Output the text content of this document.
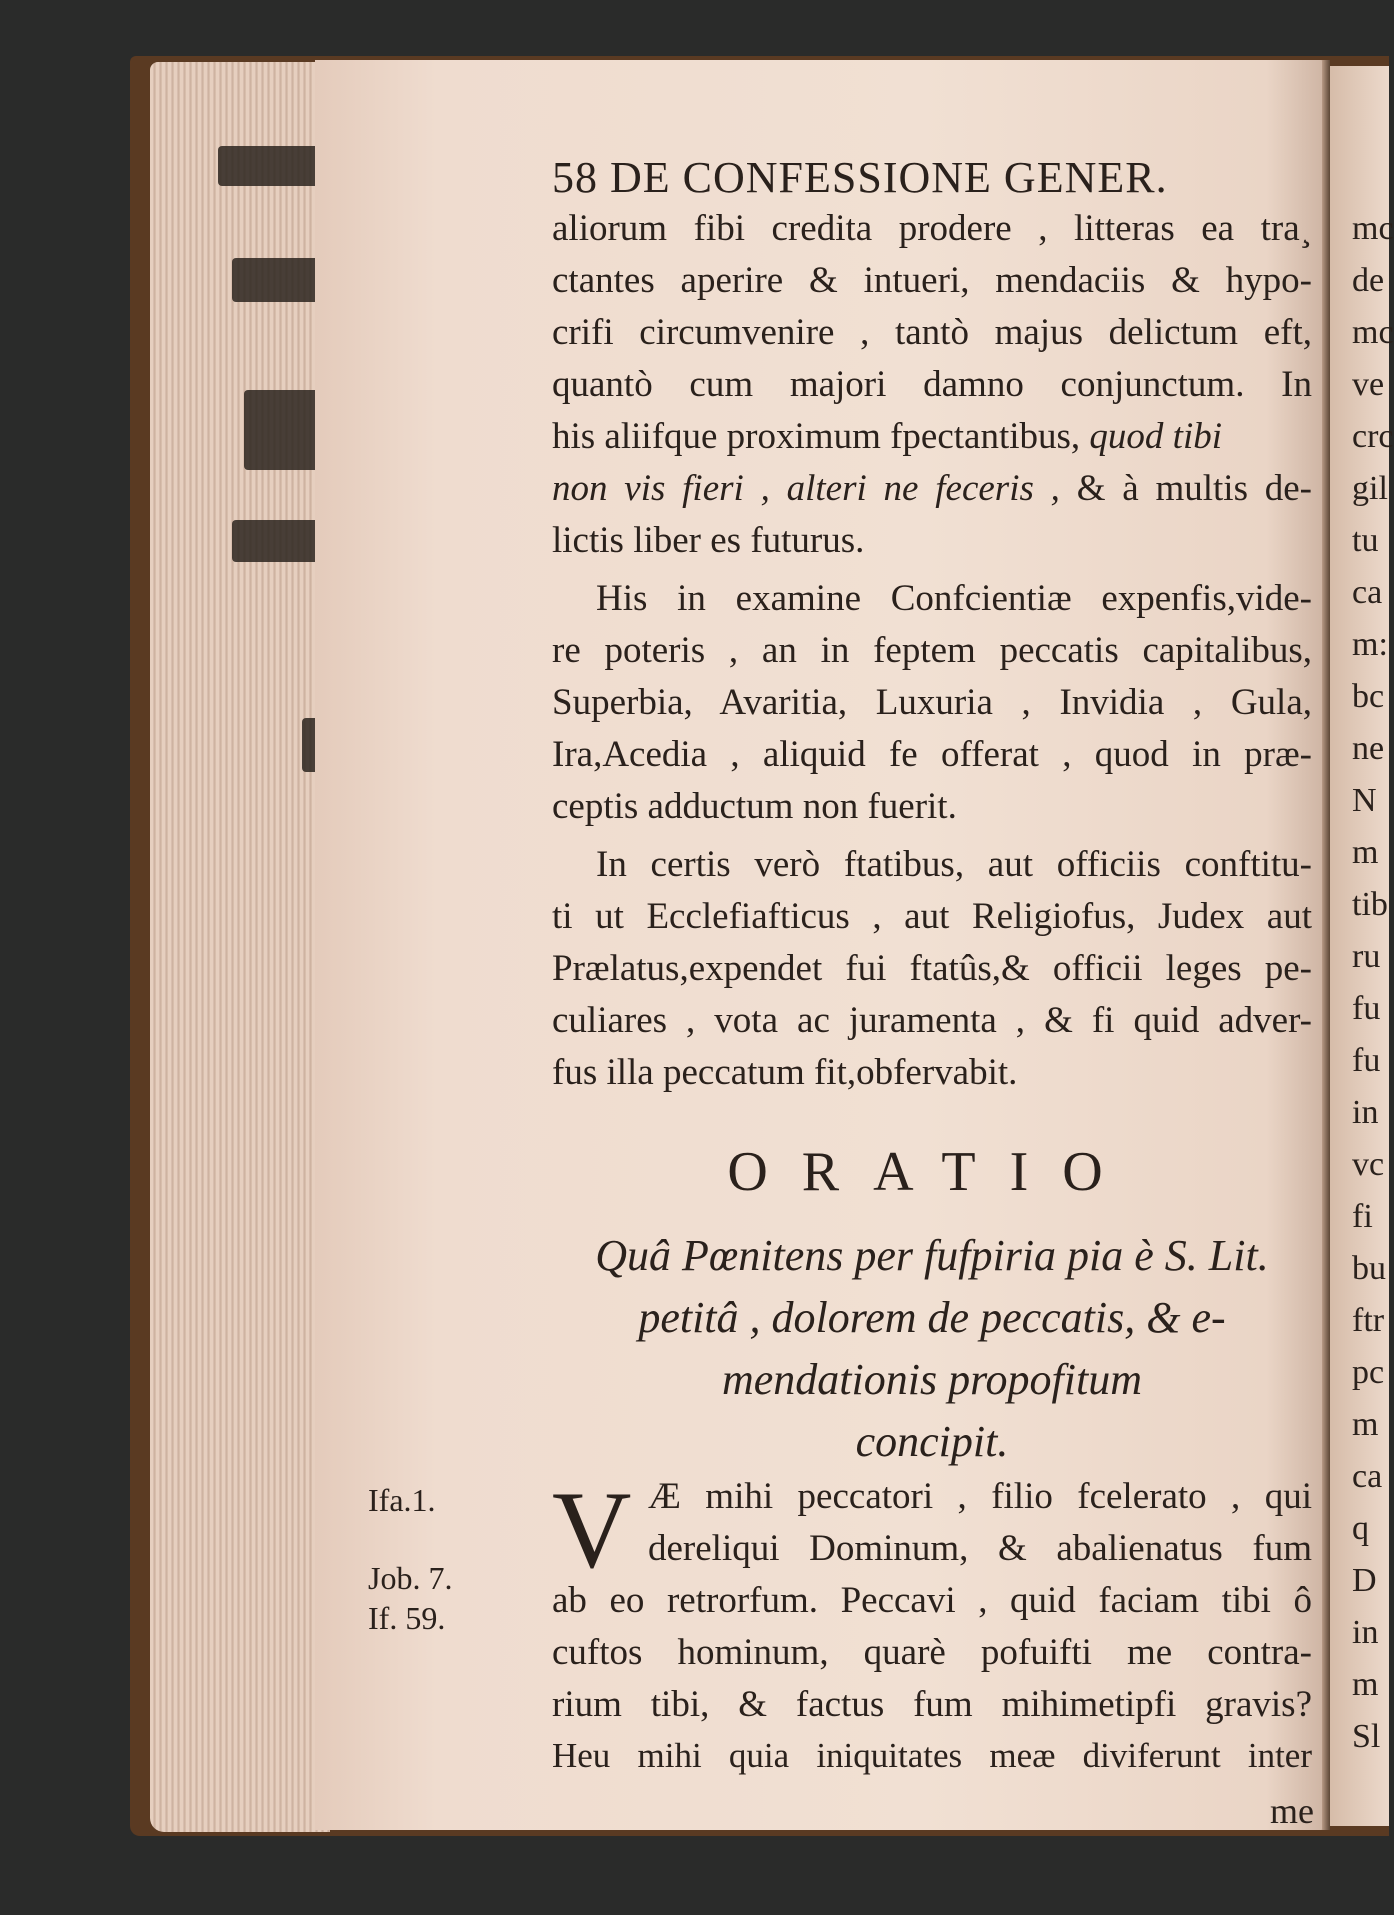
58 DE CONFESSIONE GENER.
aliorum fibi credita prodere , litteras ea tra¸
ctantes aperire & intueri, mendaciis & hypo-
crifi circumvenire , tantò majus delictum eft,
quantò cum majori damno conjunctum. In
his aliifque proximum fpectantibus, quod tibi
non vis fieri , alteri ne feceris , & à multis de-
lictis liber es futurus.
His in examine Confcientiæ expenfis,vide-
re poteris , an in feptem peccatis capitalibus,
Superbia, Avaritia, Luxuria , Invidia , Gula,
Ira,Acedia , aliquid fe offerat , quod in præ-
ceptis adductum non fuerit.
In certis verò ftatibus, aut officiis conftitu-
ti ut Ecclefiafticus , aut Religiofus, Judex aut
Prælatus,expendet fui ftatûs,& officii leges pe-
culiares , vota ac juramenta , & fi quid adver-
fus illa peccatum fit,obfervabit.
ORATIO
Quâ Pœnitens per fufpiria pia è S. Lit.
petitâ , dolorem de peccatis, & e-
mendationis propofitum
concipit.
V Æ mihi peccatori , filio fcelerato , qui
dereliqui Dominum, & abalienatus fum
ab eo retrorfum. Peccavi , quid faciam tibi ô
cuftos hominum, quarè pofuifti me contra-
rium tibi, & factus fum mihimetipfi gravis?
Heu mihi quia iniquitates meæ diviferunt inter
me
Ifa.1.
Job. 7.
If. 59.
mc
de
mc
ve
crc
gil
tu
ca
m:
bc
ne
N
m
tib
ru
fu
fu
in
vc
fi
bu
ftr
pc
m
ca
q
D
in
m
Sl
